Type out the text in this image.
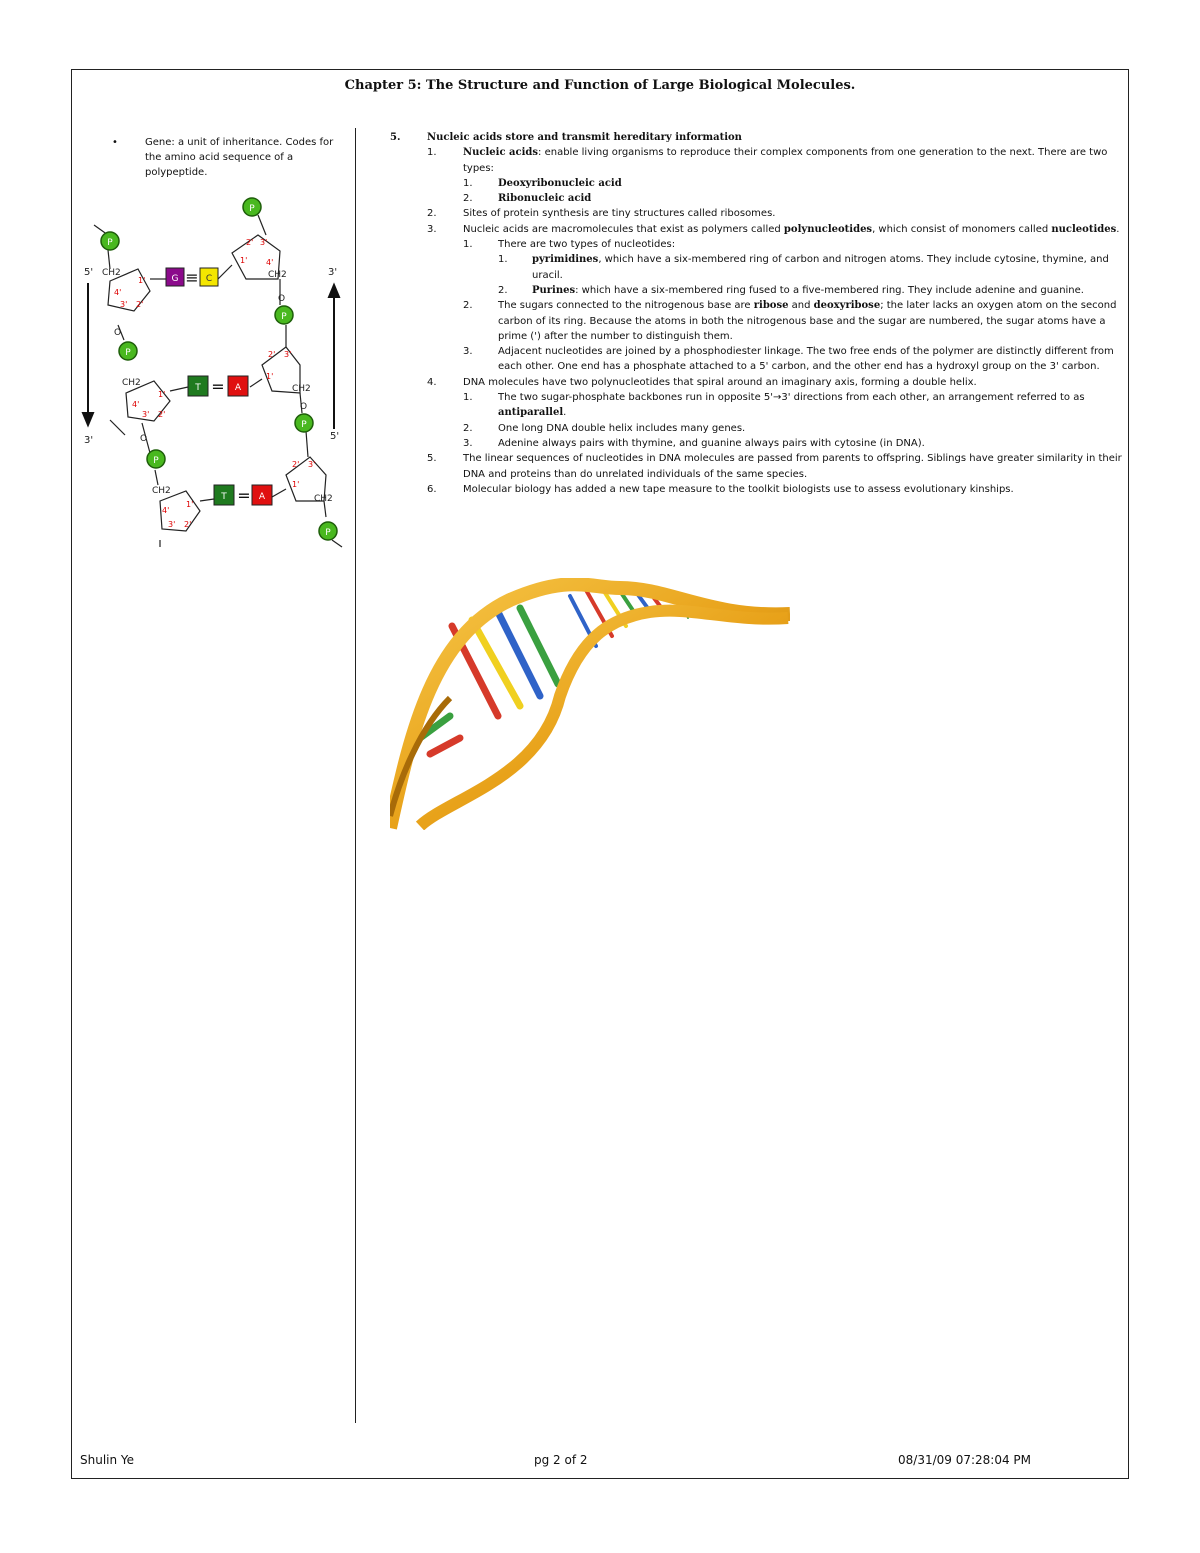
Chapter 5: The Structure and Function of Large Biological Molecules.
•	Gene: a unit of inheritance. Codes for the amino acid sequence of a polypeptide.
P
P
P
P
P
P
P
CH2
CH2
CH2
CH2
CH2
CH2
O
O
O
O
4'
2'
3'
1'
4'
3' 2'
1'
4'
3' 2'
1'
2' 3'
1' 4'
2' 3'
1'
2' 3'
1'
5'
3'
3'
5'
G ≡ C
T = A
T = A
5.	Nucleic acids store and transmit hereditary information
1.	Nucleic acids: enable living organisms to reproduce their complex components from one generation to the next. There are two types:
1.	Deoxyribonucleic acid
2.	Ribonucleic acid
2.	Sites of protein synthesis are tiny structures called ribosomes.
3.	Nucleic acids are macromolecules that exist as polymers called polynucleotides, which consist of monomers called nucleotides.
1.	There are two types of nucleotides:
1. pyrimidines, which have a six-membered ring of carbon and nitrogen atoms. They include cytosine, thymine, and uracil.
2. Purines: which have a six-membered ring fused to a five-membered ring. They include adenine and guanine.
2.	The sugars connected to the nitrogenous base are ribose and deoxyribose; the later lacks an oxygen atom on the second carbon of its ring. Because the atoms in both the nitrogenous base and the sugar are numbered, the sugar atoms have a prime (') after the number to distinguish them.
3.	Adjacent nucleotides are joined by a phosphodiester linkage. The two free ends of the polymer are distinctly different from each other. One end has a phosphate attached to a 5' carbon, and the other end has a hydroxyl group on the 3' carbon.
4.	DNA molecules have two polynucleotides that spiral around an imaginary axis, forming a double helix.
1.	The two sugar-phosphate backbones run in opposite 5'→3' directions from each other, an arrangement referred to as antiparallel.
2.	One long DNA double helix includes many genes.
3.	Adenine always pairs with thymine, and guanine always pairs with cytosine (in DNA).
5.	The linear sequences of nucleotides in DNA molecules are passed from parents to offspring. Siblings have greater similarity in their DNA and proteins than do unrelated individuals of the same species.
6.	Molecular biology has added a new tape measure to the toolkit biologists use to assess evolutionary kinships.
Shulin Ye	pg 2 of 2	08/31/09 07:28:04 PM
